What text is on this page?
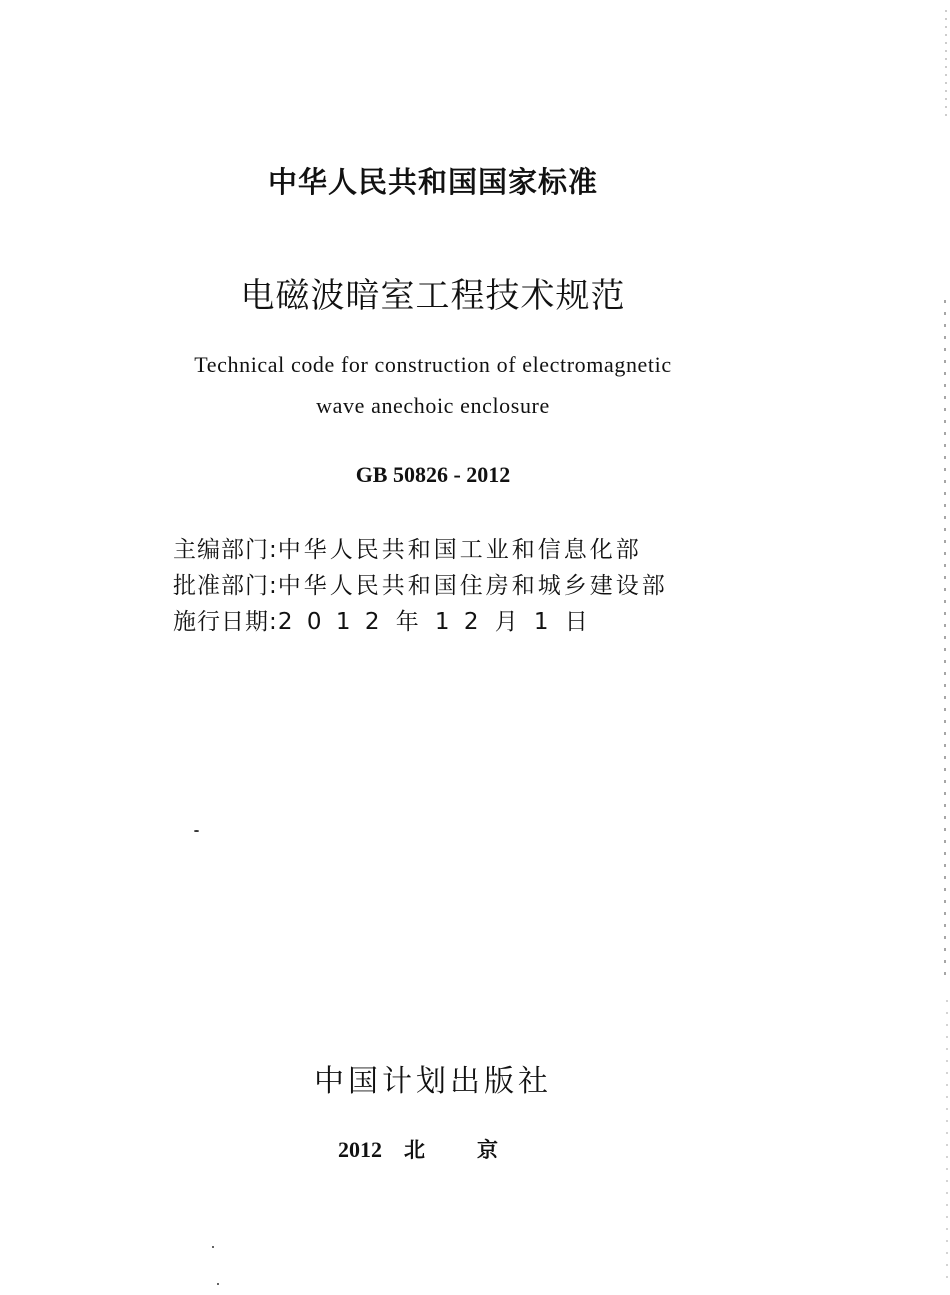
中华人民共和国国家标准
电磁波暗室工程技术规范
Technical code for construction of electromagnetic
wave anechoic enclosure
GB 50826 - 2012
主编部门:中华人民共和国工业和信息化部
批准部门:中华人民共和国住房和城乡建设部
施行日期:2 0 1 2 年 1 2 月 1 日
中国计划出版社
2012 北京
